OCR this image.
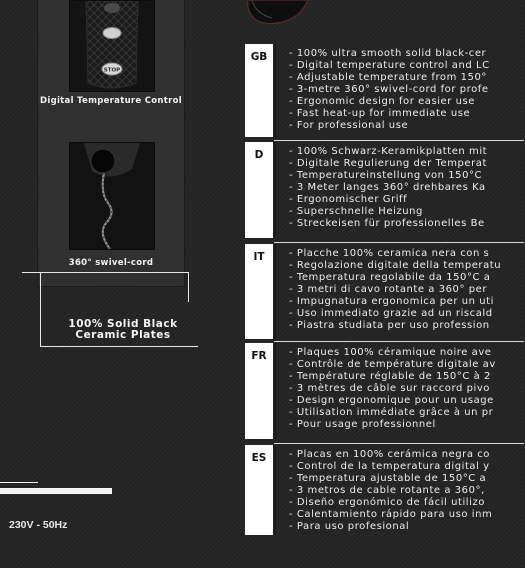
STOP
Digital Temperature Control
360° swivel-cord
100% Solid Black
Ceramic Plates
230V - 50Hz
GB	- 100% ultra smooth solid black-cer
- Digital temperature control and LC
- Adjustable temperature from 150°
- 3-metre 360° swivel-cord for profe
- Ergonomic design for easier use
- Fast heat-up for immediate use
- For professional use
D	- 100% Schwarz-Keramikplatten mit
- Digitale Regulierung der Temperat
- Temperatureinstellung von 150°C
- 3 Meter langes 360° drehbares Ka
- Ergonomischer Griff
- Superschnelle Heizung
- Streckeisen für professionelles Be
IT	- Placche 100% ceramica nera con s
- Regolazione digitale della temperatu
- Temperatura regolabile da 150°C a
- 3 metri di cavo rotante a 360° per
- Impugnatura ergonomica per un uti
- Uso immediato grazie ad un riscald
- Piastra studiata per uso profession
FR	- Plaques 100% céramique noire ave
- Contrôle de température digitale av
- Température réglable de 150°C à 2
- 3 mètres de câble sur raccord pivo
- Design ergonomique pour un usage
- Utilisation immédiate grâce à un pr
- Pour usage professionnel
ES	- Placas en 100% cerámica negra co
- Control de la temperatura digital y
- Temperatura ajustable de 150°C a
- 3 metros de cable rotante a 360°,
- Diseño ergonómico de fácil utilizo
- Calentamiento rápido para uso inm
- Para uso profesional
